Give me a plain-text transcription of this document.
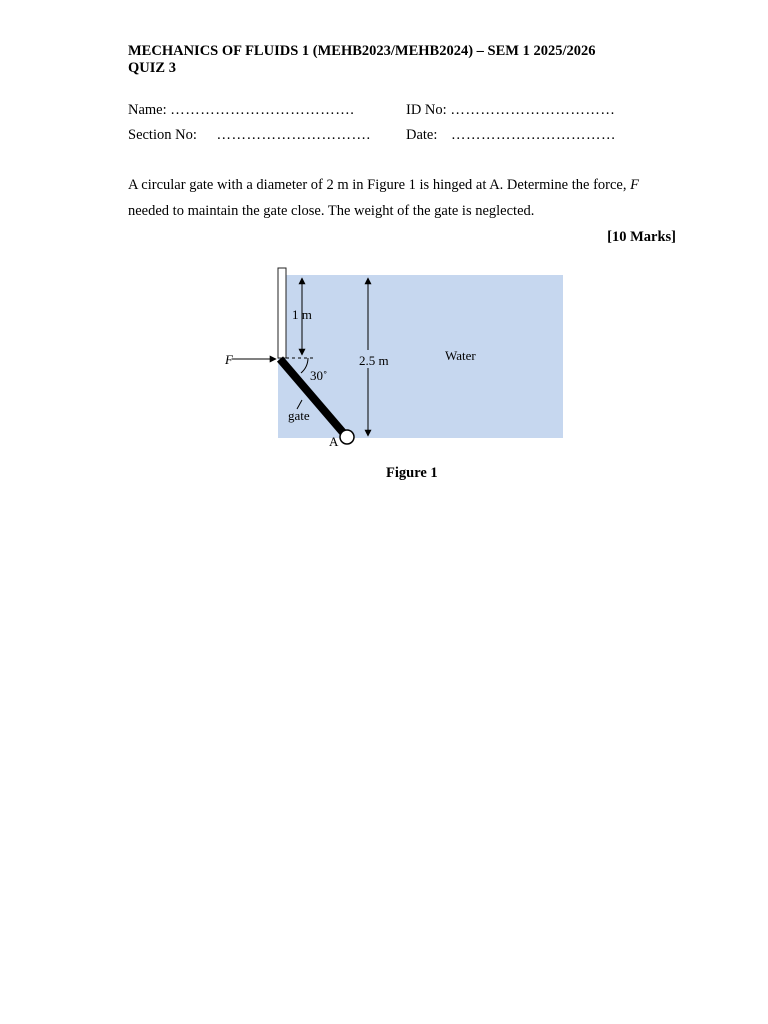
MECHANICS OF FLUIDS 1 (MEHB2023/MEHB2024) – SEM 1 2025/2026
QUIZ 3
Name: ……………………………….	ID No: ……………………………
Section No: …………………………. Date: ……………………………
A circular gate with a diameter of 2 m in Figure 1 is hinged at A. Determine the force, F
needed to maintain the gate close. The weight of the gate is neglected.
[10 Marks]
F
1 m
30˚
2.5 m	Water
gate
A
Figure 1
